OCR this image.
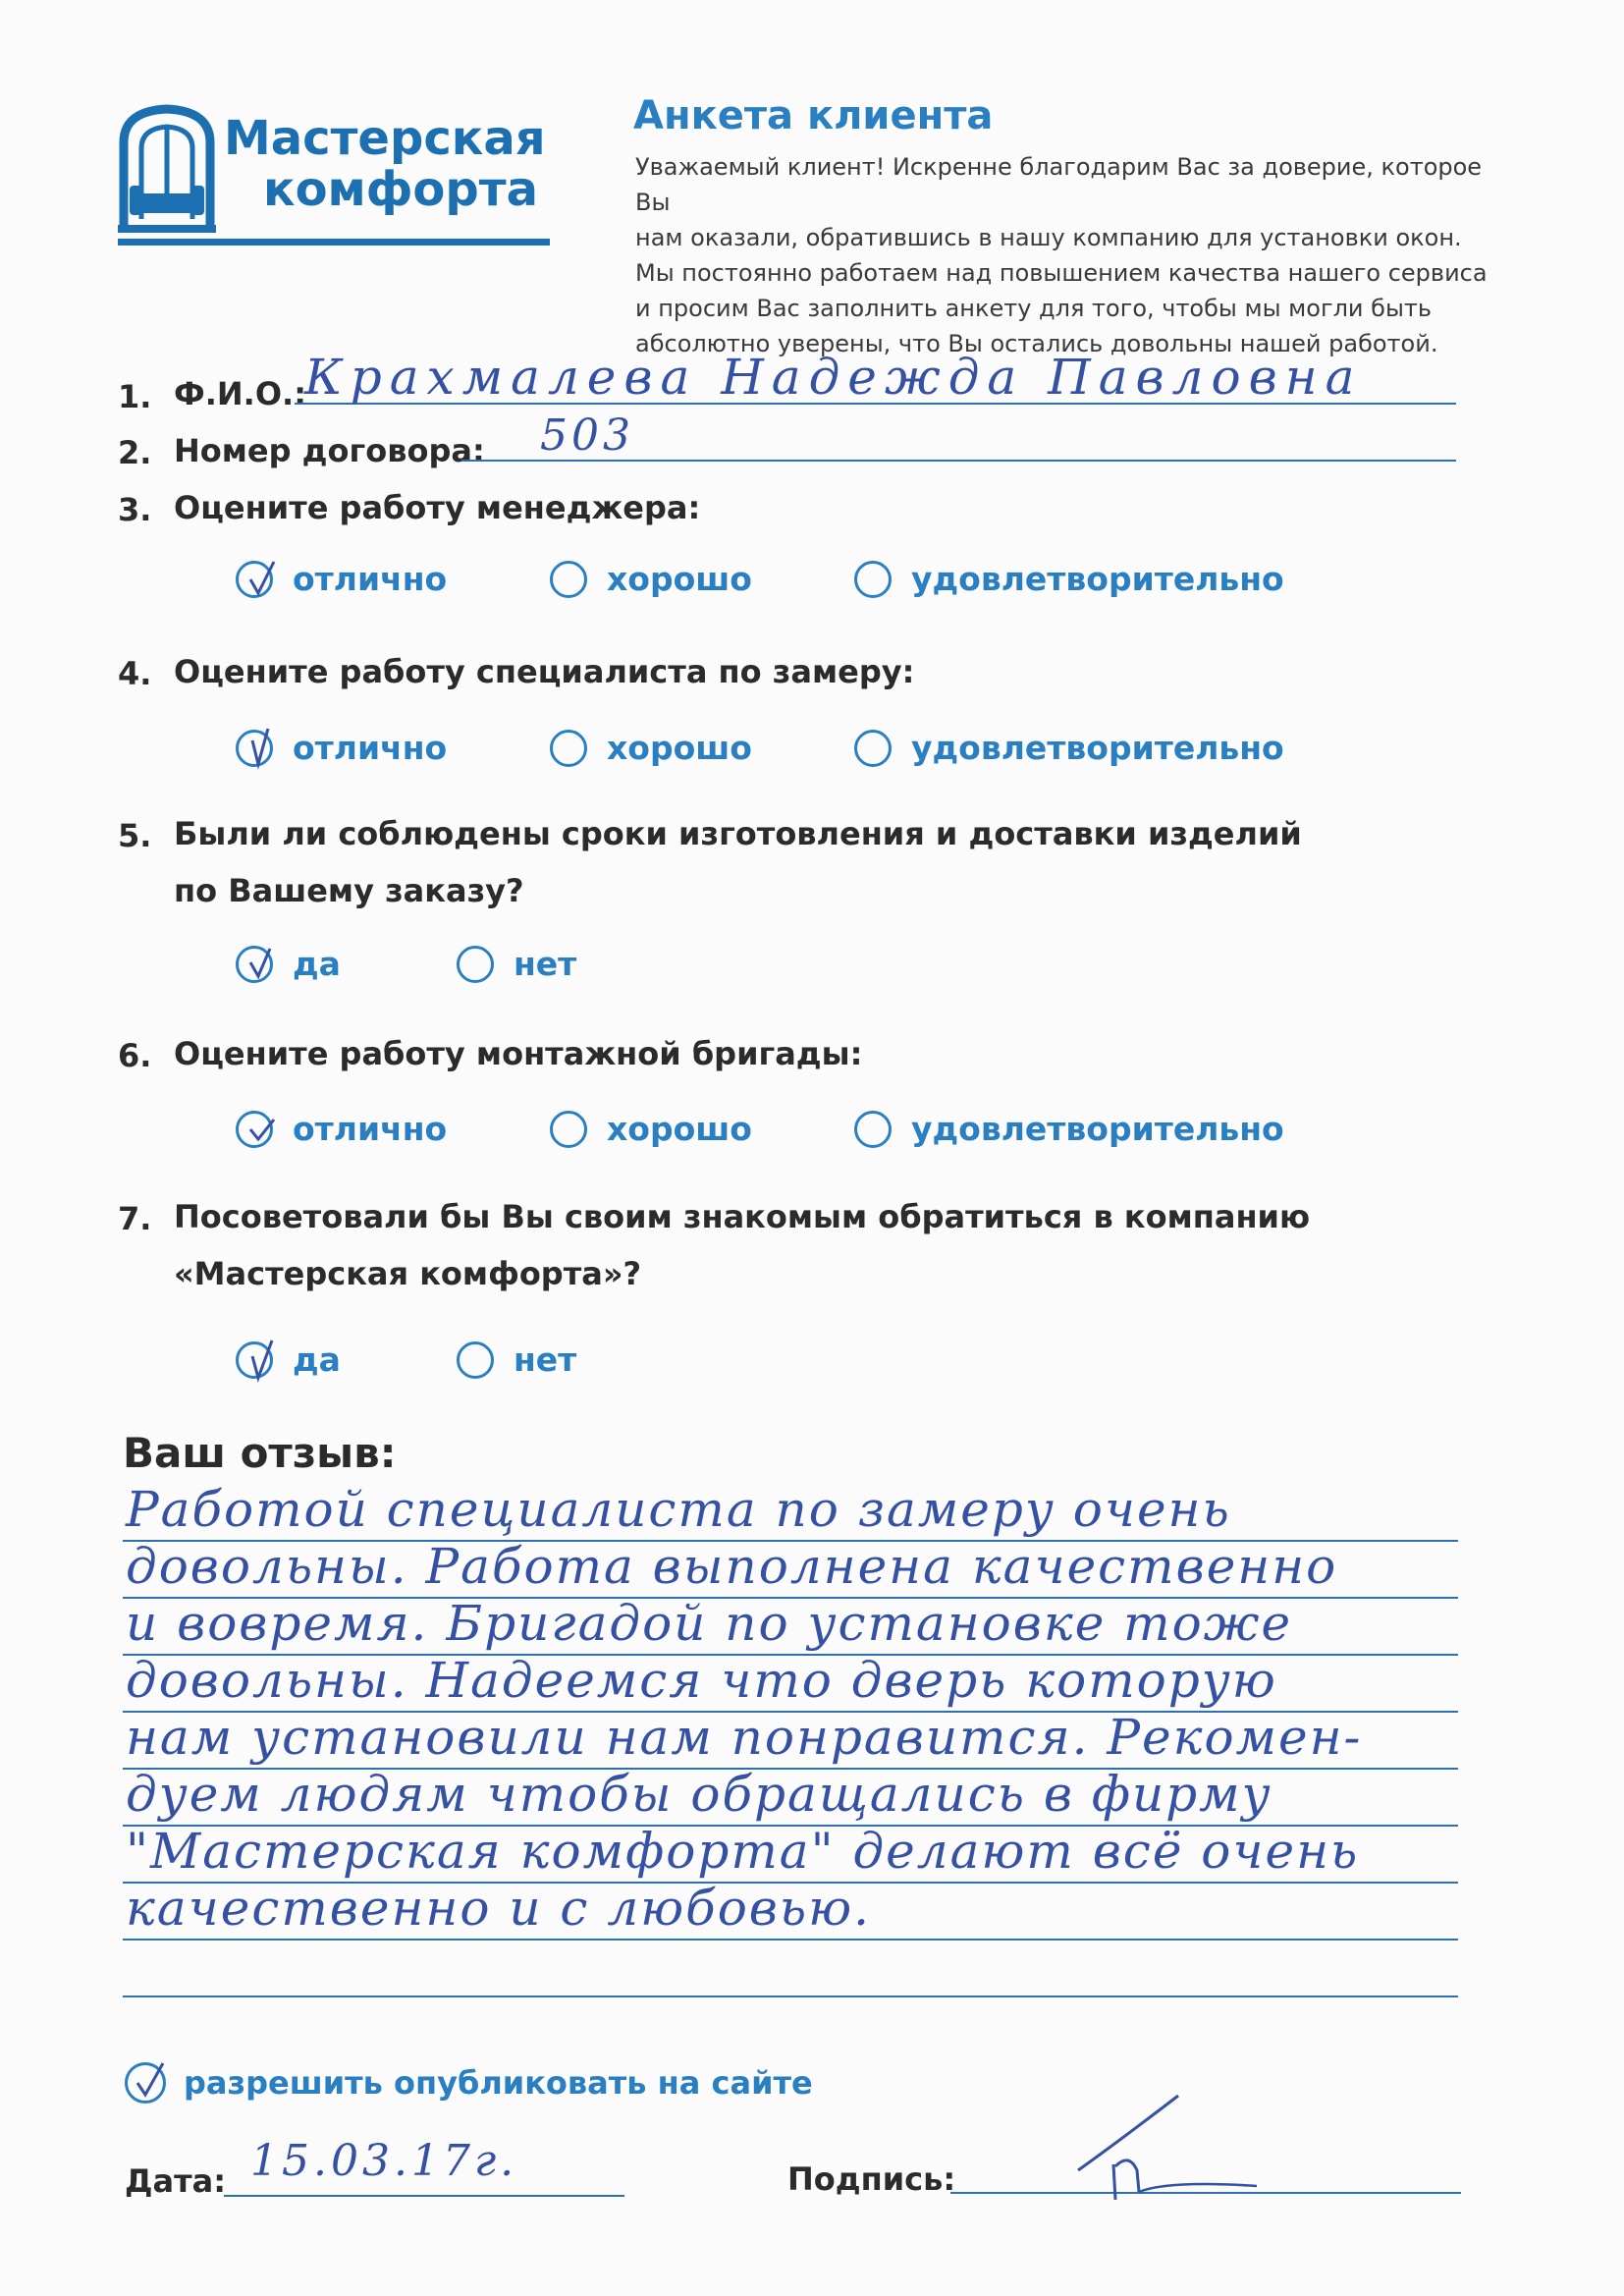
Мастерская
комфорта
Анкета клиента
Уважаемый клиент! Искренне благодарим Вас за доверие, которое Вы
нам оказали, обратившись в нашу компанию для установки окон.
Мы постоянно работаем над повышением качества нашего сервиса
и просим Вас заполнить анкету для того, чтобы мы могли быть
абсолютно уверены, что Вы остались довольны нашей работой.
1. Ф.И.О.:
Крахмалева Надежда Павловна
2. Номер договора: 503
3. Оцените работу менеджера:
отлично	хорошо	удовлетворительно
4. Оцените работу специалиста по замеру:
отлично	хорошо	удовлетворительно
5. Были ли соблюдены сроки изготовления и доставки изделий
по Вашему заказу?
да	нет
6. Оцените работу монтажной бригады:
отлично	хорошо	удовлетворительно
7. Посоветовали бы Вы своим знакомым обратиться в компанию
«Мастерская комфорта»?
да	нет
Ваш отзыв:
Работой специалиста по замеру очень
довольны. Работа выполнена качественно
и вовремя. Бригадой по установке тоже
довольны. Надеемся что дверь которую
нам установили нам понравится. Рекомен-
дуем людям чтобы обращались в фирму
"Мастерская комфорта" делают всё очень
качественно и с любовью.
разрешить опубликовать на сайте
Дата: 15.03.17г.	Подпись:
